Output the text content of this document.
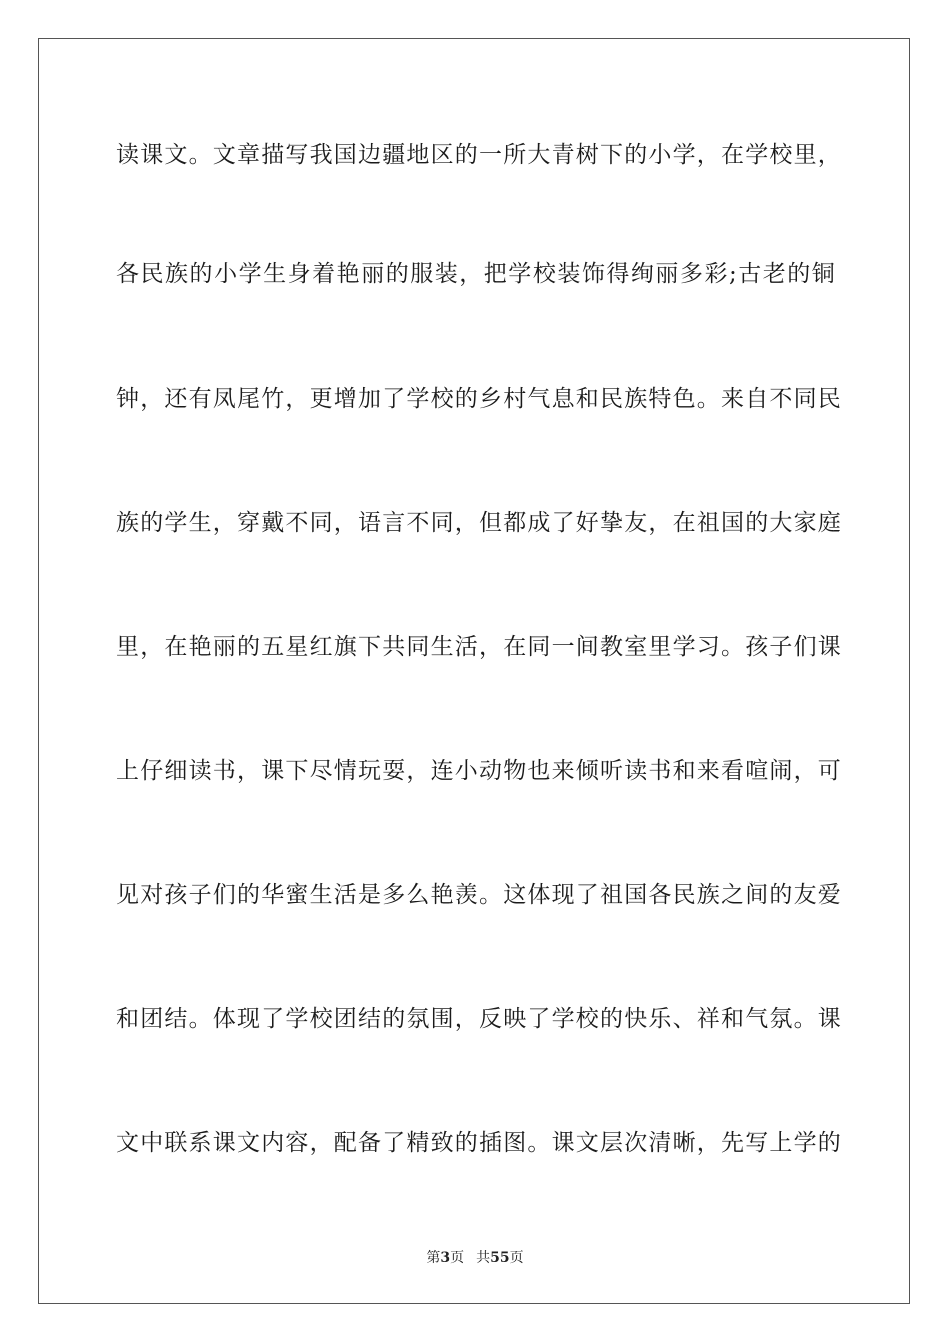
读课文。文章描写我国边疆地区的一所大青树下的小学，在学校里，
各民族的小学生身着艳丽的服装，把学校装饰得绚丽多彩;古老的铜
钟，还有凤尾竹，更增加了学校的乡村气息和民族特色。来自不同民
族的学生，穿戴不同，语言不同，但都成了好挚友，在祖国的大家庭
里，在艳丽的五星红旗下共同生活，在同一间教室里学习。孩子们课
上仔细读书，课下尽情玩耍，连小动物也来倾听读书和来看喧闹，可
见对孩子们的华蜜生活是多么艳羡。这体现了祖国各民族之间的友爱
和团结。体现了学校团结的氛围，反映了学校的快乐、祥和气氛。课
文中联系课文内容，配备了精致的插图。课文层次清晰，先写上学的
第3页 共55页
